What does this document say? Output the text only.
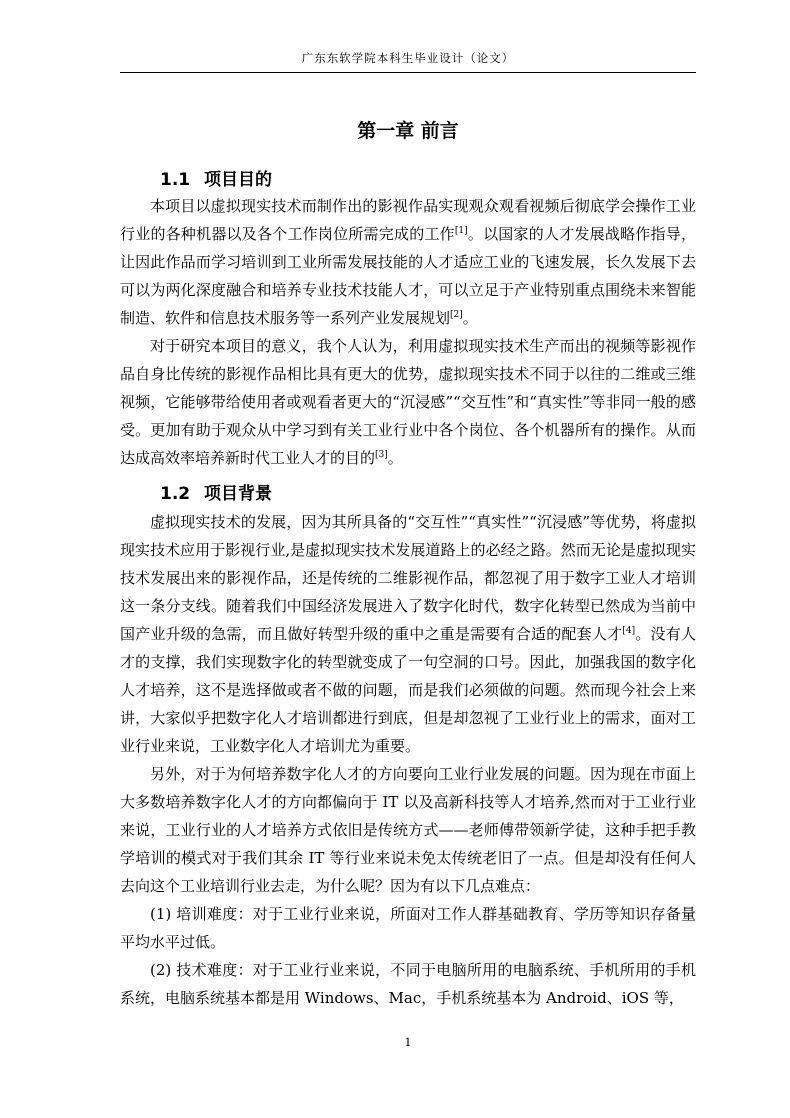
广东东软学院本科生毕业设计（论文）
第一章 前言
1.1 项目目的

本项目以虚拟现实技术而制作出的影视作品实现观众观看视频后彻底学会操作工业行业的各种机器以及各个工作岗位所需完成的工作[1]。以国家的人才发展战略作指导，让因此作品而学习培训到工业所需发展技能的人才适应工业的飞速发展，长久发展下去可以为两化深度融合和培养专业技术技能人才，可以立足于产业特别重点围绕未来智能制造、软件和信息技术服务等一系列产业发展规划[2]。

对于研究本项目的意义，我个人认为，利用虚拟现实技术生产而出的视频等影视作品自身比传统的影视作品相比具有更大的优势，虚拟现实技术不同于以往的二维或三维视频，它能够带给使用者或观看者更大的“沉浸感”“交互性”和“真实性”等非同一般的感受。更加有助于观众从中学习到有关工业行业中各个岗位、各个机器所有的操作。从而达成高效率培养新时代工业人才的目的[3]。

1.2 项目背景

虚拟现实技术的发展，因为其所具备的“交互性”“真实性”“沉浸感”等优势，将虚拟现实技术应用于影视行业,是虚拟现实技术发展道路上的必经之路。然而无论是虚拟现实技术发展出来的影视作品，还是传统的二维影视作品，都忽视了用于数字工业人才培训这一条分支线。随着我们中国经济发展进入了数字化时代，数字化转型已然成为当前中国产业升级的急需，而且做好转型升级的重中之重是需要有合适的配套人才[4]。没有人才的支撑，我们实现数字化的转型就变成了一句空洞的口号。因此，加强我国的数字化人才培养，这不是选择做或者不做的问题，而是我们必须做的问题。然而现今社会上来讲，大家似乎把数字化人才培训都进行到底，但是却忽视了工业行业上的需求，面对工业行业来说，工业数字化人才培训尤为重要。

另外，对于为何培养数字化人才的方向要向工业行业发展的问题。因为现在市面上大多数培养数字化人才的方向都偏向于 IT 以及高新科技等人才培养,然而对于工业行业来说，工业行业的人才培养方式依旧是传统方式——老师傅带领新学徒，这种手把手教学培训的模式对于我们其余 IT 等行业来说未免太传统老旧了一点。但是却没有任何人去向这个工业培训行业去走，为什么呢？因为有以下几点难点：

(1) 培训难度：对于工业行业来说，所面对工作人群基础教育、学历等知识存备量平均水平过低。

(2) 技术难度：对于工业行业来说，不同于电脑所用的电脑系统、手机所用的手机系统，电脑系统基本都是用 Windows、Mac，手机系统基本为 Android、iOS 等，

1
